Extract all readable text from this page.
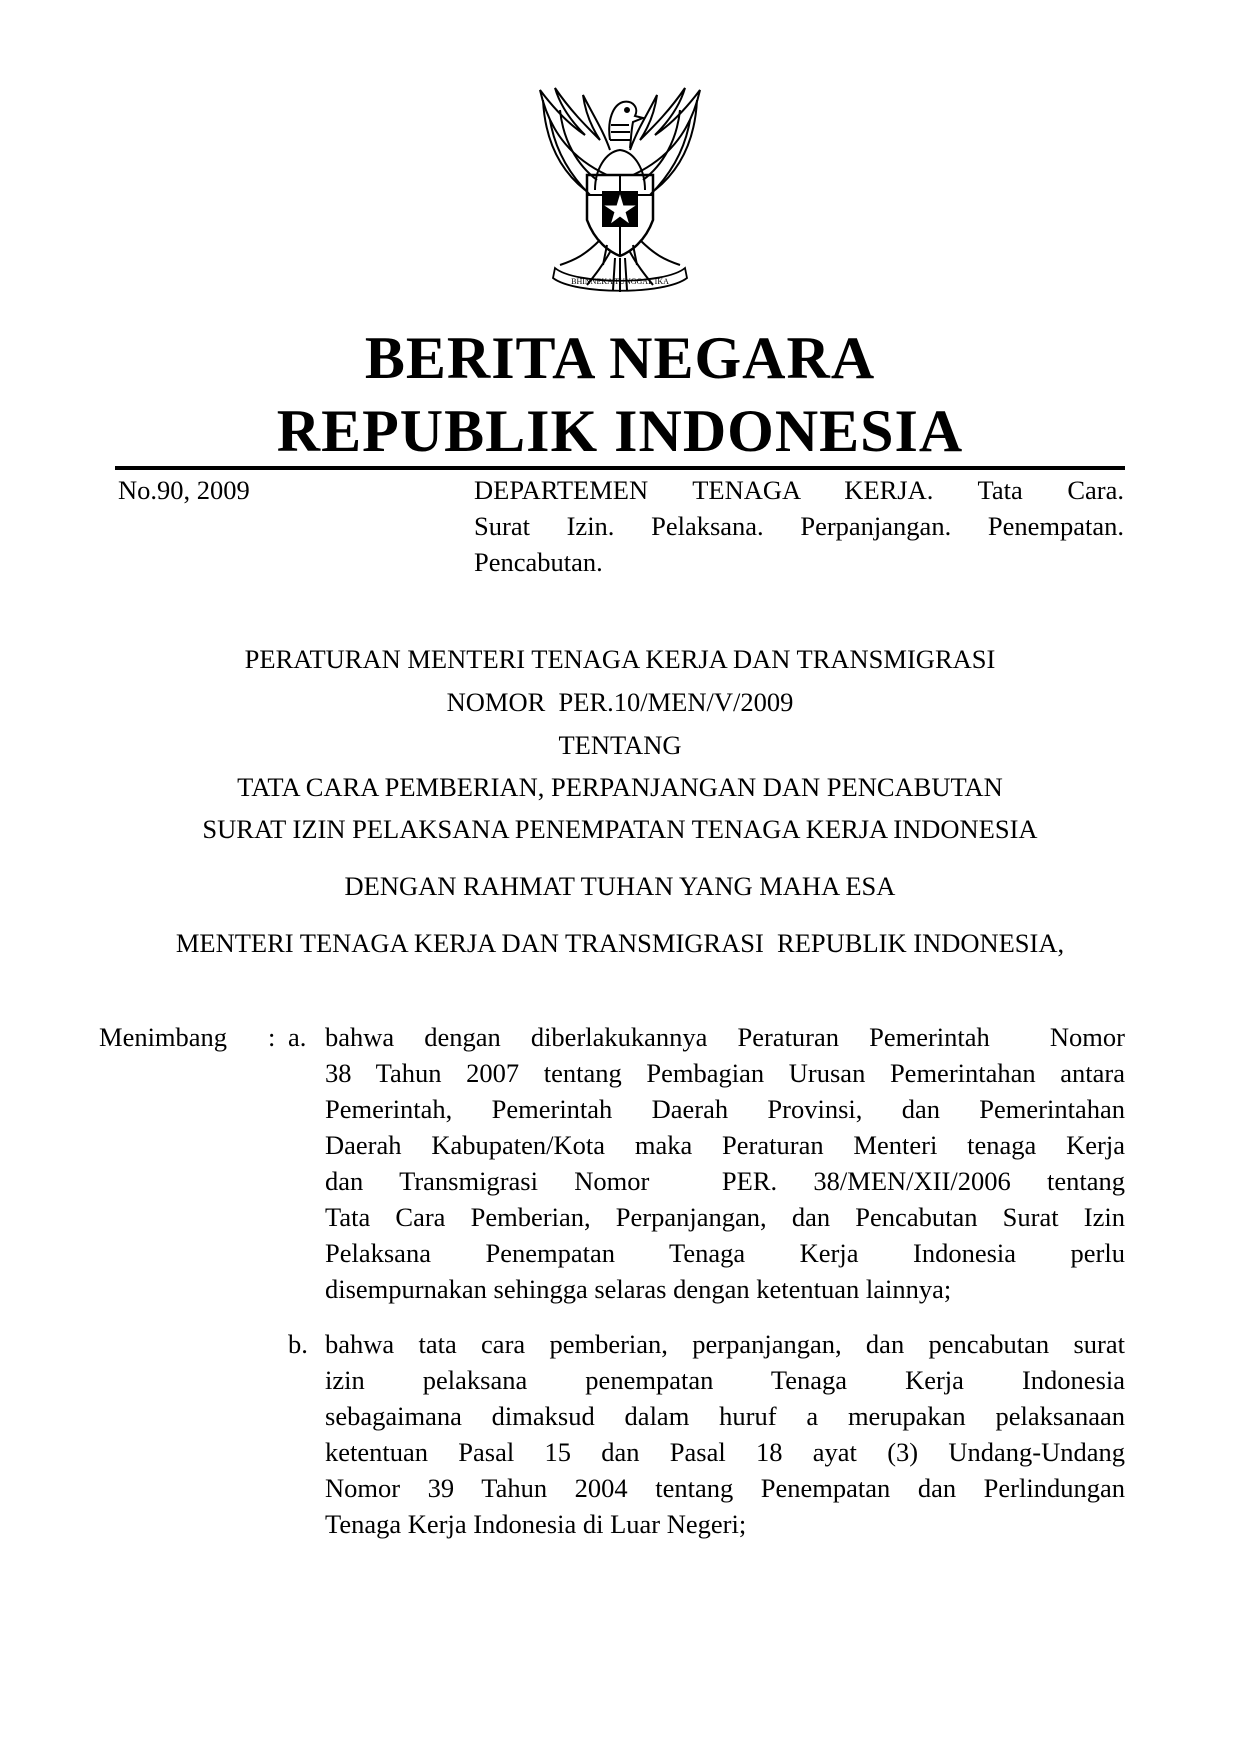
BHINNEKA TUNGGAL IKA
BERITA NEGARA
REPUBLIK INDONESIA
No.90, 2009	DEPARTEMEN TENAGA KERJA. Tata Cara.
Surat Izin. Pelaksana. Perpanjangan. Penempatan.
Pencabutan.
PERATURAN MENTERI TENAGA KERJA DAN TRANSMIGRASI
NOMOR  PER.10/MEN/V/2009
TENTANG
TATA CARA PEMBERIAN, PERPANJANGAN DAN PENCABUTAN
SURAT IZIN PELAKSANA PENEMPATAN TENAGA KERJA INDONESIA
DENGAN RAHMAT TUHAN YANG MAHA ESA
MENTERI TENAGA KERJA DAN TRANSMIGRASI  REPUBLIK INDONESIA,
Menimbang : a. bahwa dengan diberlakukannya Peraturan Pemerintah  Nomor
38 Tahun 2007 tentang Pembagian Urusan Pemerintahan antara
Pemerintah, Pemerintah Daerah Provinsi, dan Pemerintahan
Daerah Kabupaten/Kota maka Peraturan Menteri tenaga Kerja
dan Transmigrasi Nomor  PER. 38/MEN/XII/2006 tentang
Tata Cara Pemberian, Perpanjangan, dan Pencabutan Surat Izin
Pelaksana Penempatan Tenaga Kerja Indonesia perlu
disempurnakan sehingga selaras dengan ketentuan lainnya;
b. bahwa tata cara pemberian, perpanjangan, dan pencabutan surat
izin pelaksana penempatan Tenaga Kerja Indonesia
sebagaimana dimaksud dalam huruf a merupakan pelaksanaan
ketentuan Pasal 15 dan Pasal 18 ayat (3) Undang-Undang
Nomor 39 Tahun 2004 tentang Penempatan dan Perlindungan
Tenaga Kerja Indonesia di Luar Negeri;
